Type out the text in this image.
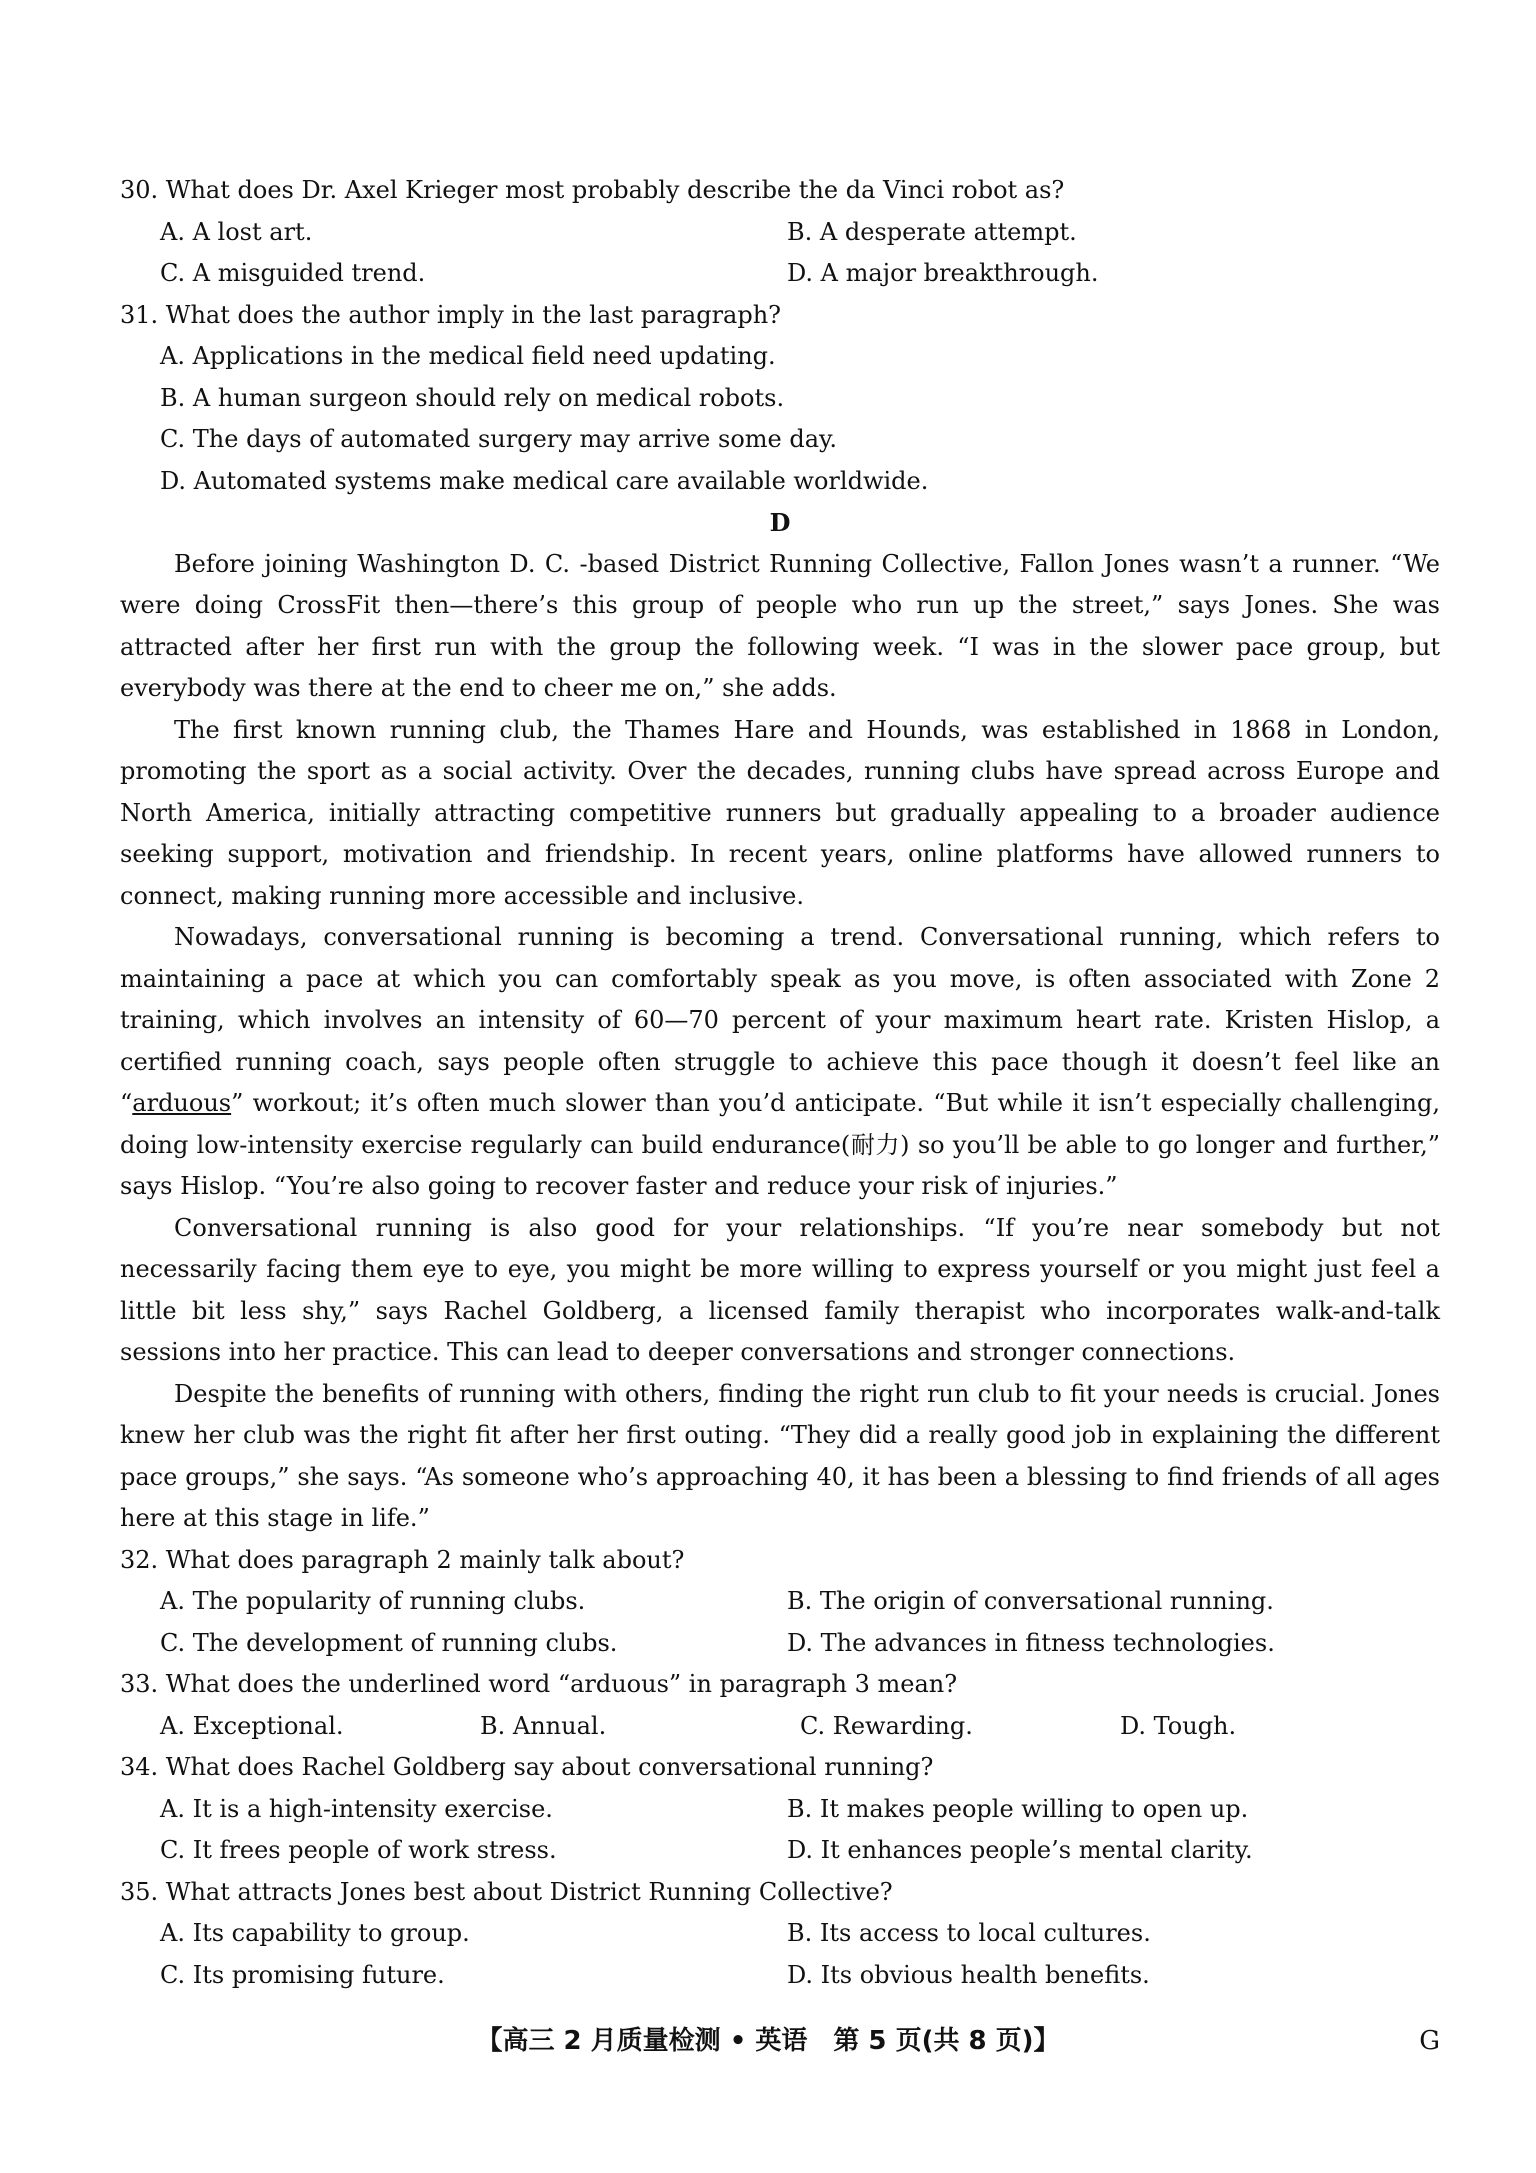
30. What does Dr. Axel Krieger most probably describe the da Vinci robot as?
A. A lost art.	B. A desperate attempt.
C. A misguided trend.	D. A major breakthrough.
31. What does the author imply in the last paragraph?
A. Applications in the medical field need updating.
B. A human surgeon should rely on medical robots.
C. The days of automated surgery may arrive some day.
D. Automated systems make medical care available worldwide.
D

Before joining Washington D. C. -based District Running Collective, Fallon Jones wasn’t a runner. “We were doing CrossFit then—there’s this group of people who run up the street,” says Jones. She was attracted after her first run with the group the following week. “I was in the slower pace group, but everybody was there at the end to cheer me on,” she adds.

The first known running club, the Thames Hare and Hounds, was established in 1868 in London, promoting the sport as a social activity. Over the decades, running clubs have spread across Europe and North America, initially attracting competitive runners but gradually appealing to a broader audience seeking support, motivation and friendship. In recent years, online platforms have allowed runners to connect, making running more accessible and inclusive.

Nowadays, conversational running is becoming a trend. Conversational running, which refers to maintaining a pace at which you can comfortably speak as you move, is often associated with Zone 2 training, which involves an intensity of 60—70 percent of your maximum heart rate. Kristen Hislop, a certified running coach, says people often struggle to achieve this pace though it doesn’t feel like an “arduous” workout; it’s often much slower than you’d anticipate. “But while it isn’t especially challenging, doing low-intensity exercise regularly can build endurance(耐力) so you’ll be able to go longer and further,” says Hislop. “You’re also going to recover faster and reduce your risk of injuries.”

Conversational running is also good for your relationships. “If you’re near somebody but not necessarily facing them eye to eye, you might be more willing to express yourself or you might just feel a little bit less shy,” says Rachel Goldberg, a licensed family therapist who incorporates walk-and-talk sessions into her practice. This can lead to deeper conversations and stronger connections.

Despite the benefits of running with others, finding the right run club to fit your needs is crucial. Jones knew her club was the right fit after her first outing. “They did a really good job in explaining the different pace groups,” she says. “As someone who’s approaching 40, it has been a blessing to find friends of all ages here at this stage in life.”

32. What does paragraph 2 mainly talk about?
A. The popularity of running clubs.	B. The origin of conversational running.
C. The development of running clubs.	D. The advances in fitness technologies.
33. What does the underlined word “arduous” in paragraph 3 mean?
A. Exceptional.	B. Annual.	C. Rewarding.	D. Tough.
34. What does Rachel Goldberg say about conversational running?
A. It is a high-intensity exercise.	B. It makes people willing to open up.
C. It frees people of work stress.	D. It enhances people’s mental clarity.
35. What attracts Jones best about District Running Collective?
A. Its capability to group.	B. Its access to local cultures.
C. Its promising future.	D. Its obvious health benefits.
【高三 2 月质量检测 • 英语　第 5 页(共 8 页)】	G
